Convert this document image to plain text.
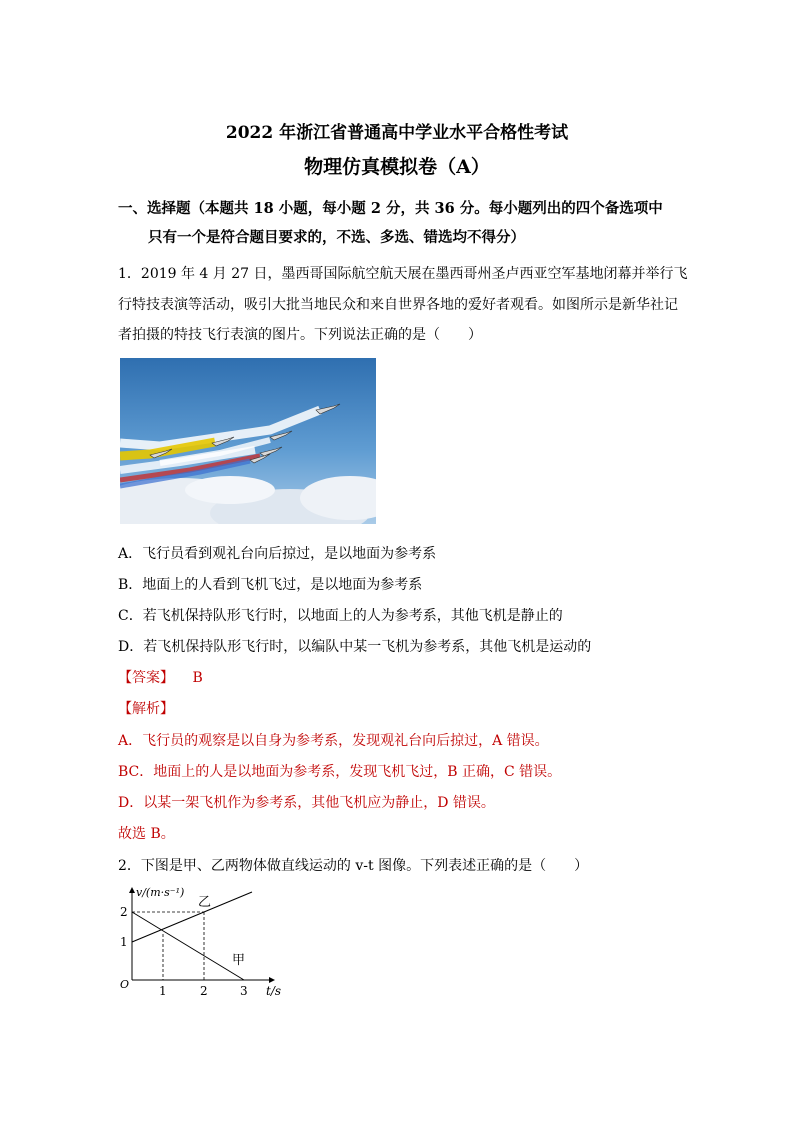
2022 年浙江省普通高中学业水平合格性考试
物理仿真模拟卷（A）
一、选择题（本题共 18 小题，每小题 2 分，共 36 分。每小题列出的四个备选项中
只有一个是符合题目要求的，不选、多选、错选均不得分）
1．2019 年 4 月 27 日，墨西哥国际航空航天展在墨西哥州圣卢西亚空军基地闭幕并举行飞
行特技表演等活动，吸引大批当地民众和来自世界各地的爱好者观看。如图所示是新华社记
者拍摄的特技飞行表演的图片。下列说法正确的是（　　）
A．飞行员看到观礼台向后掠过，是以地面为参考系
B．地面上的人看到飞机飞过，是以地面为参考系
C．若飞机保持队形飞行时，以地面上的人为参考系，其他飞机是静止的
D．若飞机保持队形飞行时，以编队中某一飞机为参考系，其他飞机是运动的
【答案】 B
【解析】
A．飞行员的观察是以自身为参考系，发现观礼台向后掠过，A 错误。
BC．地面上的人是以地面为参考系，发现飞机飞过，B 正确，C 错误。
D．以某一架飞机作为参考系，其他飞机应为静止，D 错误。
故选 B。
2．下图是甲、乙两物体做直线运动的 v-t 图像。下列表述正确的是（　　）
v/(m·s⁻¹)
2
1
O 1	2	3 t/s
乙
甲
